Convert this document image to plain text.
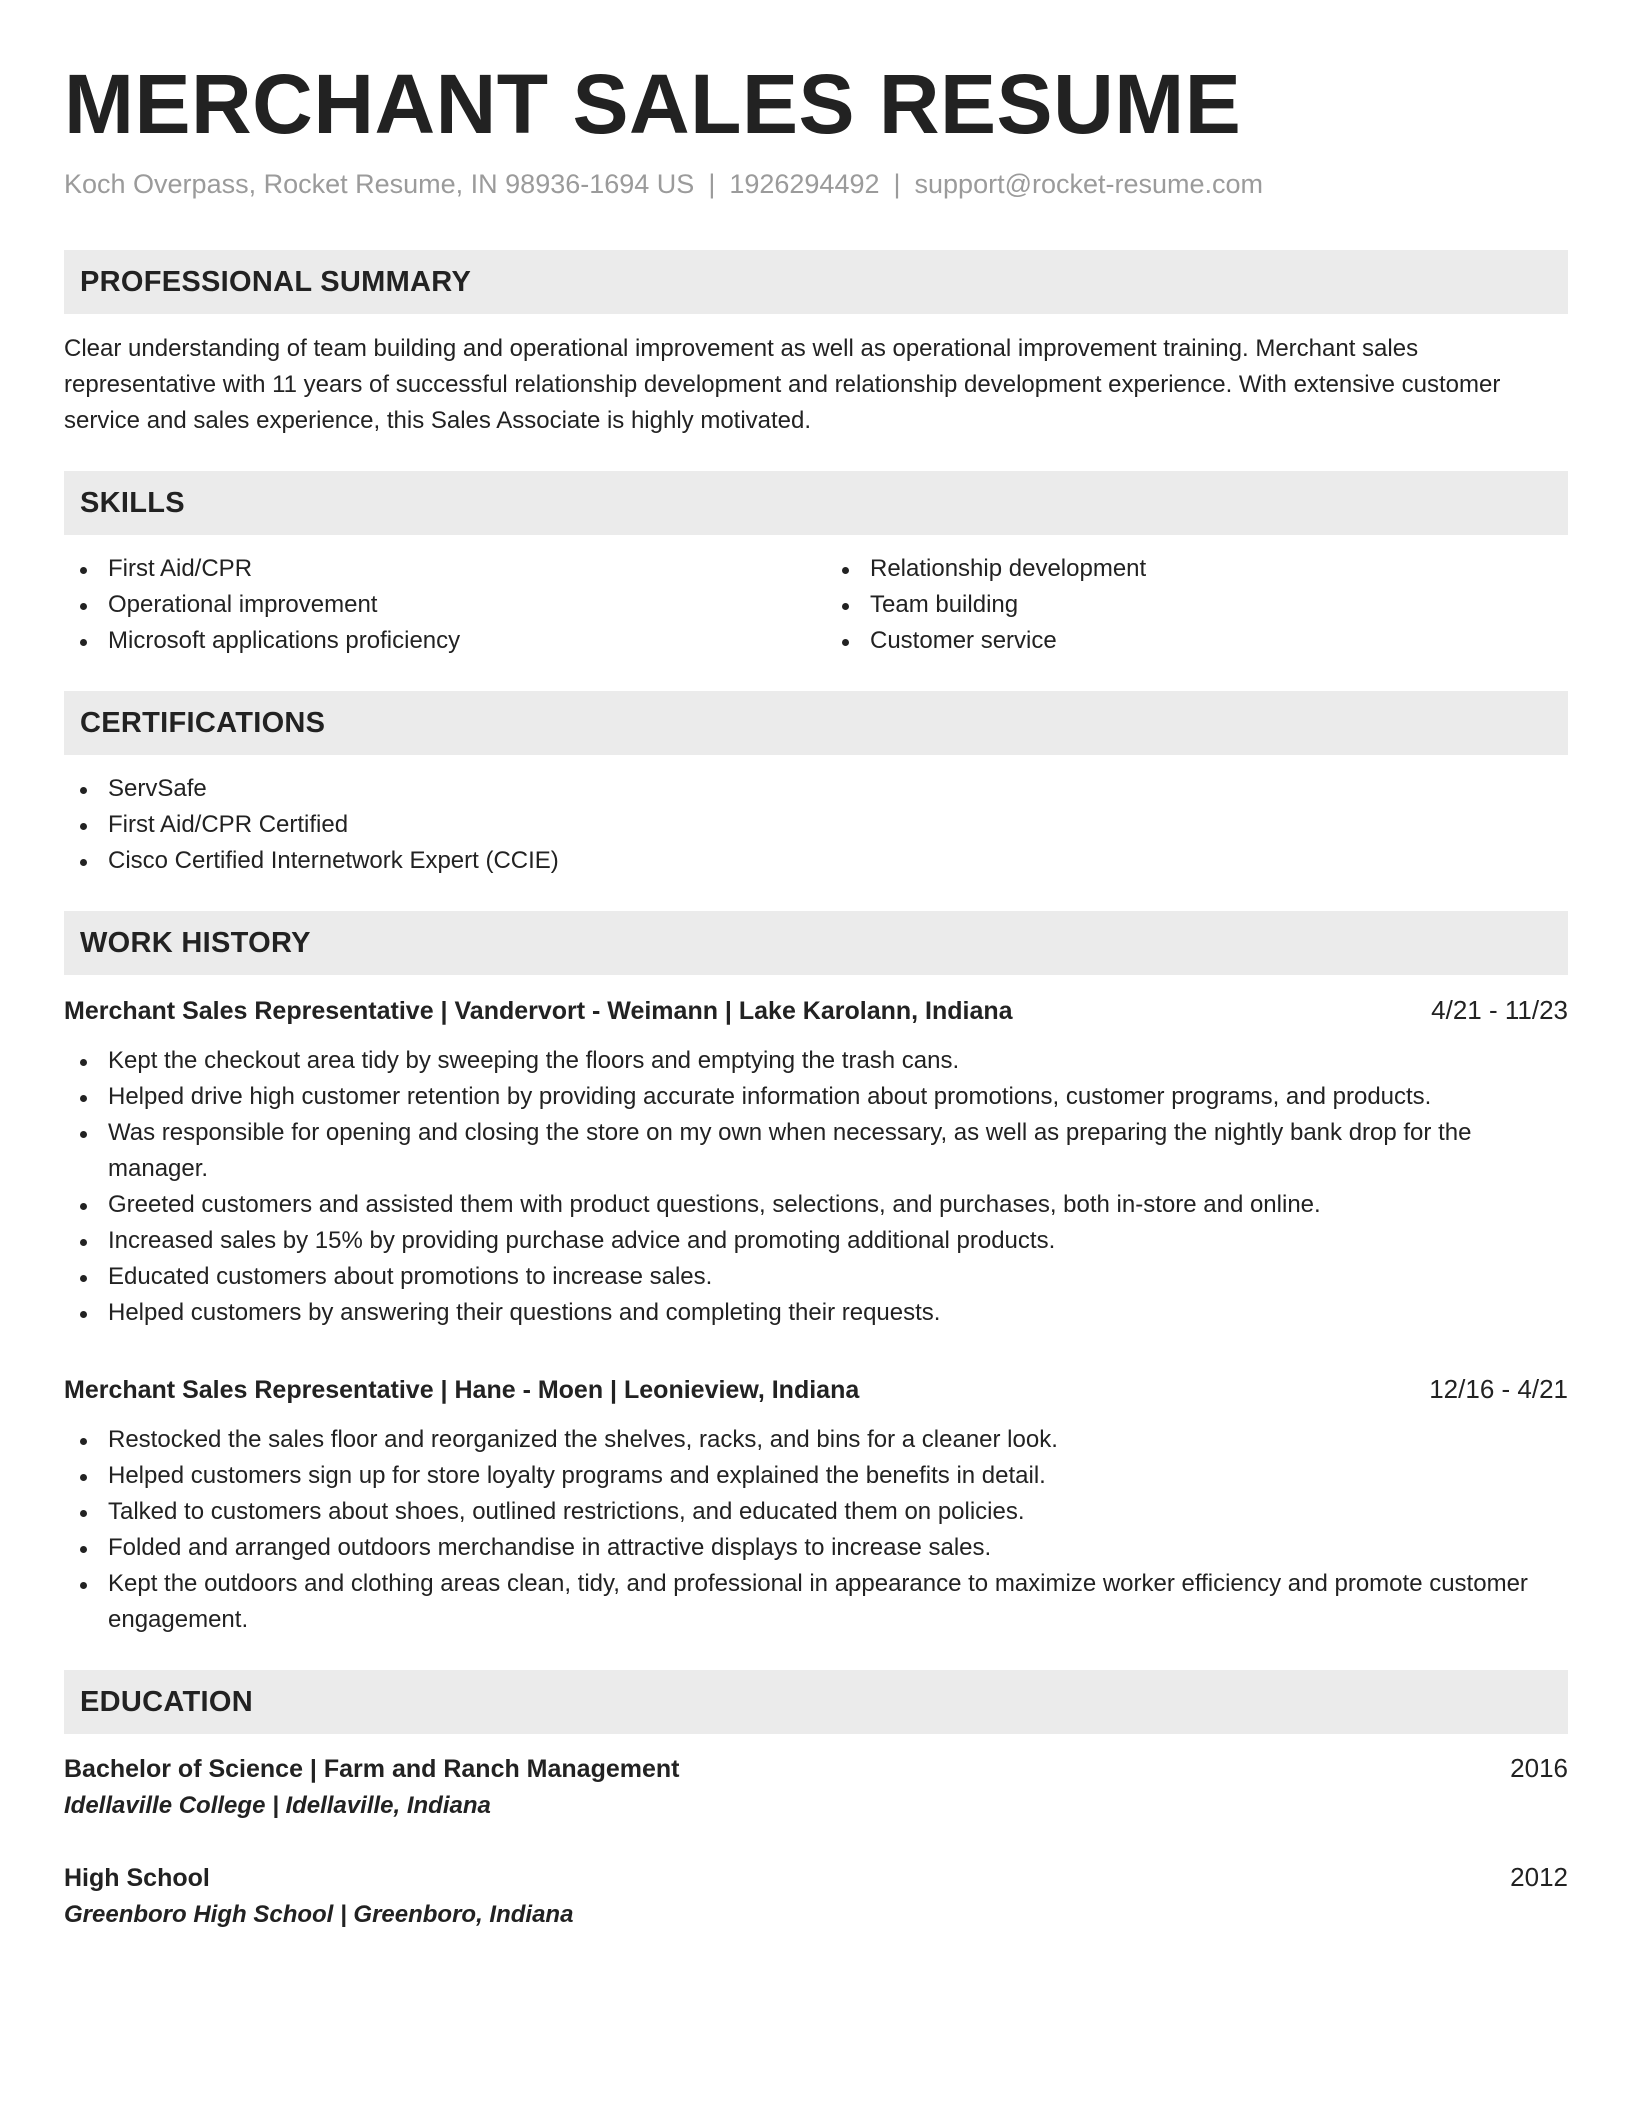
MERCHANT SALES RESUME
Koch Overpass, Rocket Resume, IN 98936-1694 US | 1926294492 | support@rocket-resume.com
PROFESSIONAL SUMMARY
Clear understanding of team building and operational improvement as well as operational improvement training. Merchant sales representative with 11 years of successful relationship development and relationship development experience. With extensive customer service and sales experience, this Sales Associate is highly motivated.
SKILLS
First Aid/CPR
Operational improvement
Microsoft applications proficiency
Relationship development
Team building
Customer service
CERTIFICATIONS
ServSafe
First Aid/CPR Certified
Cisco Certified Internetwork Expert (CCIE)
WORK HISTORY
Merchant Sales Representative | Vandervort - Weimann | Lake Karolann, Indiana	4/21 - 11/23
Kept the checkout area tidy by sweeping the floors and emptying the trash cans.
Helped drive high customer retention by providing accurate information about promotions, customer programs, and products.
Was responsible for opening and closing the store on my own when necessary, as well as preparing the nightly bank drop for the manager.
Greeted customers and assisted them with product questions, selections, and purchases, both in-store and online.
Increased sales by 15% by providing purchase advice and promoting additional products.
Educated customers about promotions to increase sales.
Helped customers by answering their questions and completing their requests.
Merchant Sales Representative | Hane - Moen | Leonieview, Indiana	12/16 - 4/21
Restocked the sales floor and reorganized the shelves, racks, and bins for a cleaner look.
Helped customers sign up for store loyalty programs and explained the benefits in detail.
Talked to customers about shoes, outlined restrictions, and educated them on policies.
Folded and arranged outdoors merchandise in attractive displays to increase sales.
Kept the outdoors and clothing areas clean, tidy, and professional in appearance to maximize worker efficiency and promote customer engagement.
EDUCATION
Bachelor of Science | Farm and Ranch Management	2016
Idellaville College | Idellaville, Indiana
High School	2012
Greenboro High School | Greenboro, Indiana
